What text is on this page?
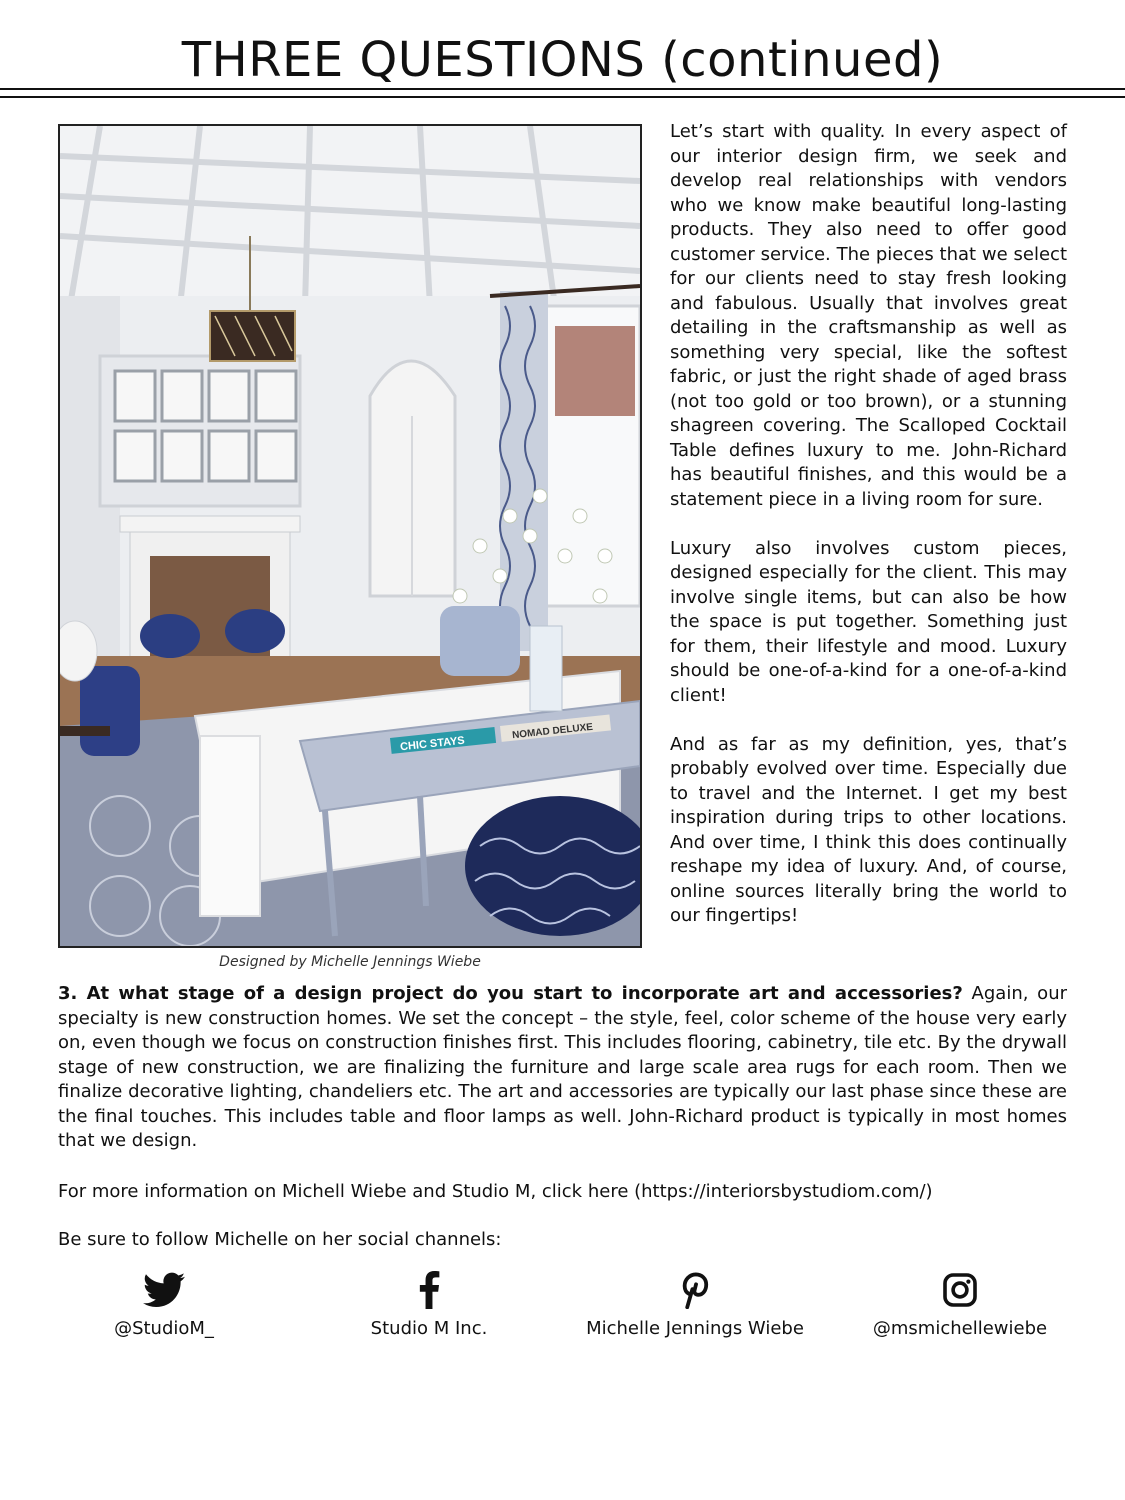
THREE QUESTIONS (continued)
CHIC STAYS
NOMAD DELUXE
Designed by Michelle Jennings Wiebe

Let’s start with quality. In every aspect of our interior design firm, we seek and develop real relationships with vendors who we know make beautiful long-lasting products. They also need to offer good customer service. The pieces that we select for our clients need to stay fresh looking and fabulous. Usually that involves great detailing in the craftsmanship as well as something very special, like the softest fabric, or just the right shade of aged brass (not too gold or too brown), or a stunning shagreen covering. The Scalloped Cocktail Table defines luxury to me. John-Richard has beautiful finishes, and this would be a statement piece in a living room for sure.

Luxury also involves custom pieces, designed especially for the client. This may involve single items, but can also be how the space is put together. Something just for them, their lifestyle and mood. Luxury should be one-of-a-kind for a one-of-a-kind client!

And as far as my definition, yes, that’s probably evolved over time. Especially due to travel and the Internet. I get my best inspiration during trips to other locations. And over time, I think this does continually reshape my idea of luxury. And, of course, online sources literally bring the world to our fingertips!

3. At what stage of a design project do you start to incorporate art and accessories? Again, our specialty is new construction homes. We set the concept – the style, feel, color scheme of the house very early on, even though we focus on construction finishes first. This includes flooring, cabinetry, tile etc. By the drywall stage of new construction, we are finalizing the furniture and large scale area rugs for each room. Then we finalize decorative lighting, chandeliers etc. The art and accessories are typically our last phase since these are the final touches. This includes table and floor lamps as well. John-Richard product is typically in most homes that we design.
For more information on Michell Wiebe and Studio M, click here (https://interiorsbystudiom.com/)
Be sure to follow Michelle on her social channels:
@StudioM_	Studio M Inc.	Michelle Jennings Wiebe	@msmichellewiebe
